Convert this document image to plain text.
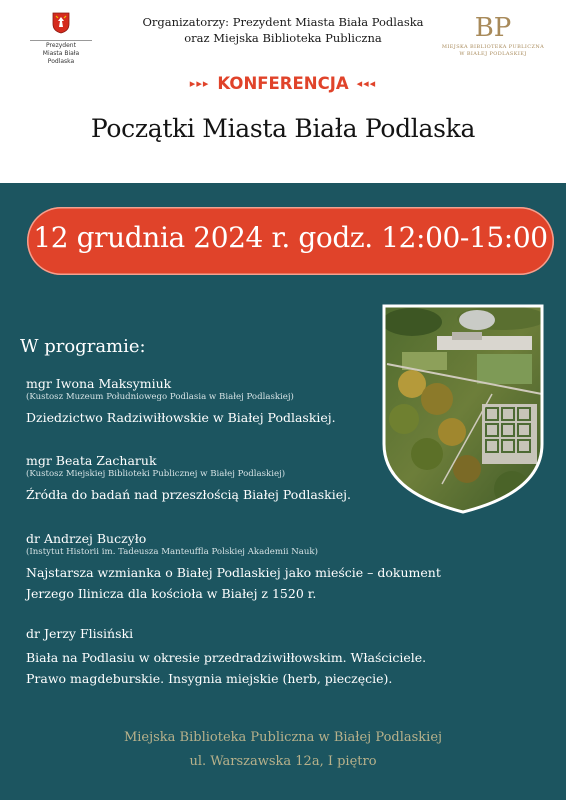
Prezydent
Miasta Biała Podlaska
Organizatorzy: Prezydent Miasta Biała Podlaska
oraz Miejska Biblioteka Publiczna	BP
MIEJSKA BIBLIOTEKA PUBLICZNA
W BIAŁEJ PODLASKIEJ
▸▸▸ KONFERENCJA ◂◂◂
Początki Miasta Biała Podlaska
12 grudnia 2024 r. godz. 12:00-15:00
W programie:
mgr Iwona Maksymiuk
(Kustosz Muzeum Południowego Podlasia w Białej Podlaskiej)
Dziedzictwo Radziwiłłowskie w Białej Podlaskiej.
mgr Beata Zacharuk
(Kustosz Miejskiej Biblioteki Publicznej w Białej Podlaskiej)
Źródła do badań nad przeszłością Białej Podlaskiej.
dr Andrzej Buczyło
(Instytut Historii im. Tadeusza Manteuffla Polskiej Akademii Nauk)
Najstarsza wzmianka o Białej Podlaskiej jako mieście – dokument
Jerzego Ilinicza dla kościoła w Białej z 1520 r.
dr Jerzy Flisiński
Biała na Podlasiu w okresie przedradziwiłłowskim. Właściciele.
Prawo magdeburskie. Insygnia miejskie (herb, pieczęcie).
Miejska Biblioteka Publiczna w Białej Podlaskiej
ul. Warszawska 12a, I piętro
